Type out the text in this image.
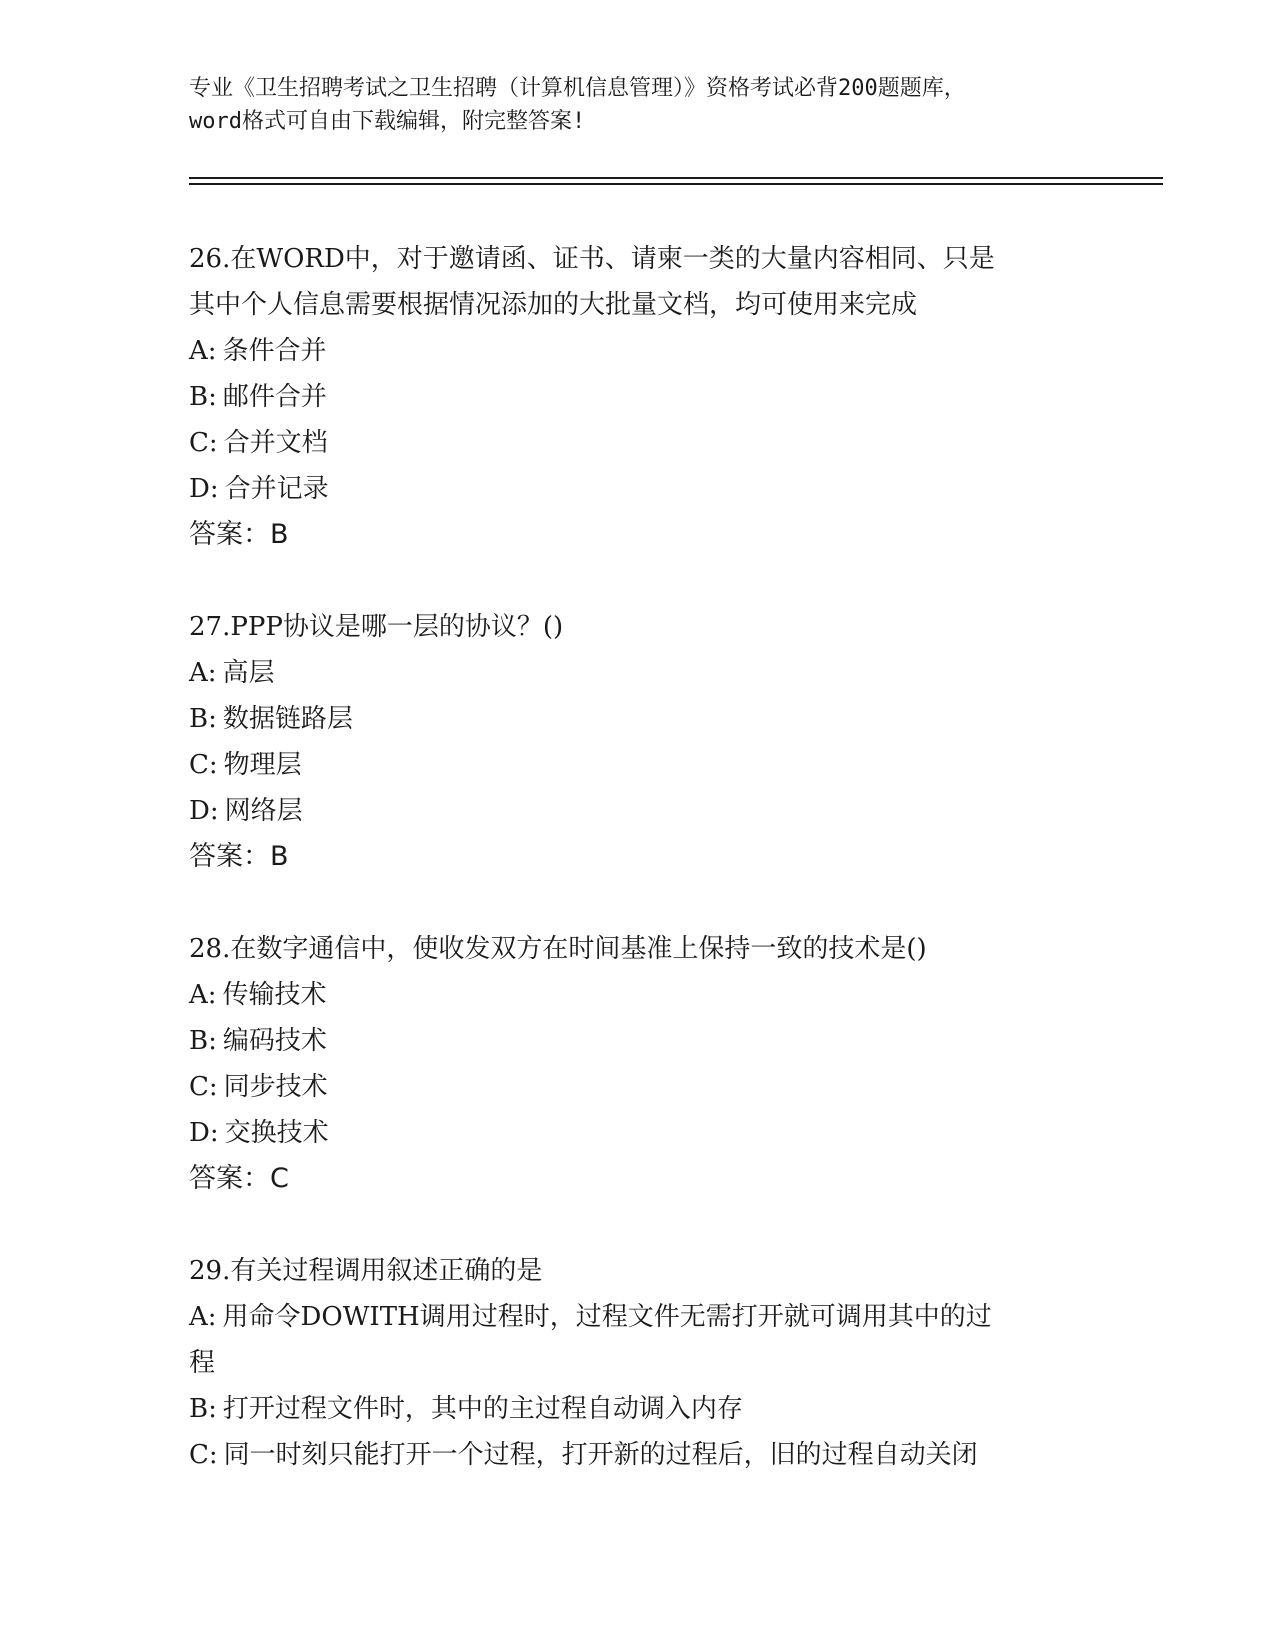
专业《卫生招聘考试之卫生招聘（计算机信息管理）》资格考试必背200题题库，
word格式可自由下载编辑，附完整答案!
26.在WORD中，对于邀请函、证书、请柬一类的大量内容相同、只是
其中个人信息需要根据情况添加的大批量文档，均可使用来完成
A: 条件合并
B: 邮件合并
C: 合并文档
D: 合并记录
答案：B
27.PPP协议是哪一层的协议？()
A: 高层
B: 数据链路层
C: 物理层
D: 网络层
答案：B
28.在数字通信中，使收发双方在时间基准上保持一致的技术是()
A: 传输技术
B: 编码技术
C: 同步技术
D: 交换技术
答案：C
29.有关过程调用叙述正确的是
A: 用命令DOWITH调用过程时，过程文件无需打开就可调用其中的过
程
B: 打开过程文件时，其中的主过程自动调入内存
C: 同一时刻只能打开一个过程，打开新的过程后，旧的过程自动关闭
